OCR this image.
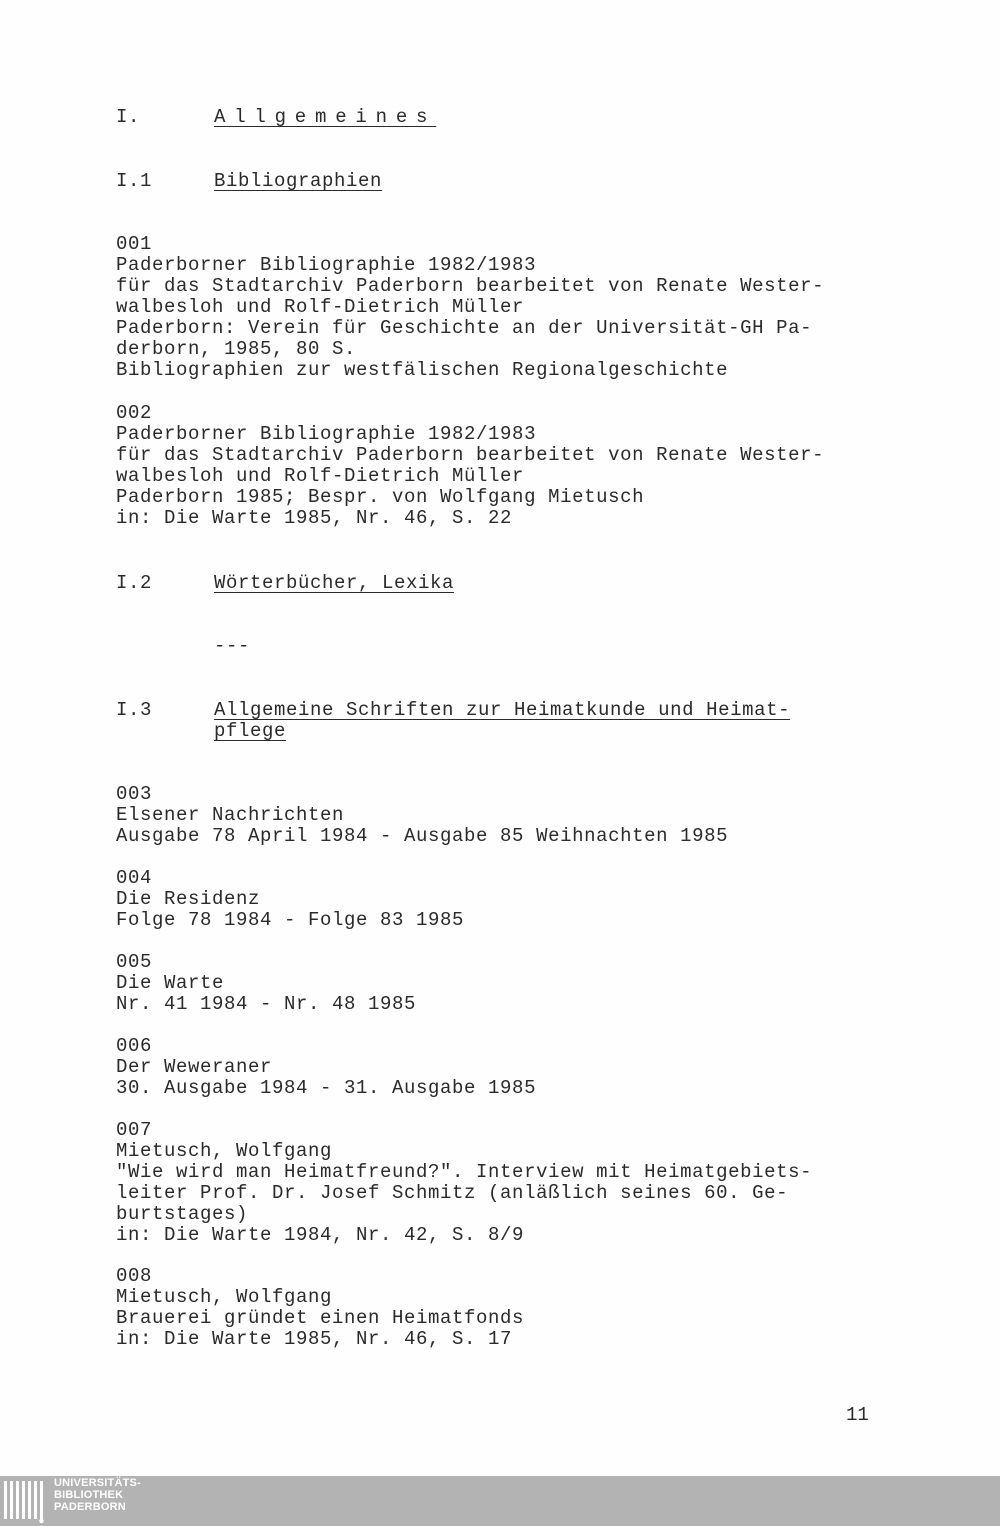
I.	Allgemeines
I.1	Bibliographien
001
Paderborner Bibliographie 1982/1983
für das Stadtarchiv Paderborn bearbeitet von Renate Wester-
walbesloh und Rolf-Dietrich Müller
Paderborn: Verein für Geschichte an der Universität-GH Pa-
derborn, 1985, 80 S.
Bibliographien zur westfälischen Regionalgeschichte
002
Paderborner Bibliographie 1982/1983
für das Stadtarchiv Paderborn bearbeitet von Renate Wester-
walbesloh und Rolf-Dietrich Müller
Paderborn 1985; Bespr. von Wolfgang Mietusch
in: Die Warte 1985, Nr. 46, S. 22
I.2	Wörterbücher, Lexika
---
I.3	Allgemeine Schriften zur Heimatkunde und Heimat-
pflege
003
Elsener Nachrichten
Ausgabe 78 April 1984 - Ausgabe 85 Weihnachten 1985
004
Die Residenz
Folge 78 1984 - Folge 83 1985
005
Die Warte
Nr. 41 1984 - Nr. 48 1985
006
Der Weweraner
30. Ausgabe 1984 - 31. Ausgabe 1985
007
Mietusch, Wolfgang
"Wie wird man Heimatfreund?". Interview mit Heimatgebiets-
leiter Prof. Dr. Josef Schmitz (anläßlich seines 60. Ge-
burtstages)
in: Die Warte 1984, Nr. 42, S. 8/9
008
Mietusch, Wolfgang
Brauerei gründet einen Heimatfonds
in: Die Warte 1985, Nr. 46, S. 17
11
UNIVERSITÄTS-
BIBLIOTHEK
PADERBORN
